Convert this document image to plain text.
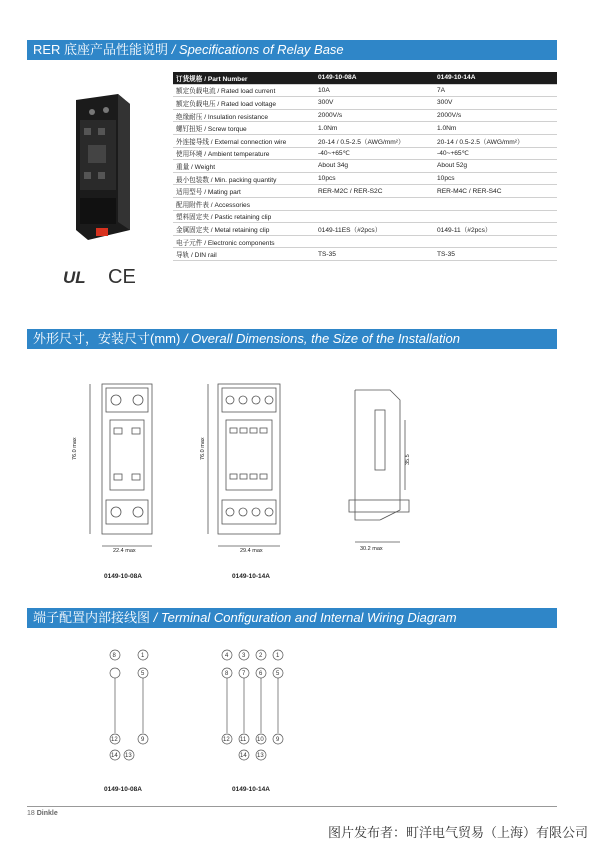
RER 底座产品性能说明 / Specifications of Relay Base
UL CE
订货规格 / Part Number	0149-10-08A	0149-10-14A
额定负载电流 / Rated load current	10A	7A
额定负载电压 / Rated load voltage	300V	300V
绝缘耐压 / Insulation resistance	2000V/s	2000V/s
螺钉扭矩 / Screw torque	1.0Nm	1.0Nm
外连接导线 / External connection wire	20-14 / 0.5-2.5（AWG/mm²）	20-14 / 0.5-2.5（AWG/mm²）
使用环境 / Ambient temperature	-40~+65℃	-40~+65℃
重量 / Weight	About 34g	About 52g
最小包装数 / Min. packing quantity	10pcs	10pcs
适用型号 / Mating part	RER-M2C / RER-S2C	RER-M4C / RER-S4C
配用附件表 / Accessories		
塑料固定夹 / Pastic retaining clip		
金属固定夹 / Metal retaining clip	0149-11ES（#2pcs）	0149-11（#2pcs）
电子元件 / Electronic components		
导轨 / DIN rail	TS-35	TS-35
外形尺寸，安装尺寸(mm) / Overall Dimensions, the Size of the Installation
76.0 max
22.4 max
0149-10-08A
76.0 max
29.4 max
0149-10-14A
35.5
30.2 max
端子配置内部接线图 / Terminal Configuration and Internal Wiring Diagram
8	1
5
12	9
14 13
0149-10-08A
4 3 2 1
8 7 6 5
12 11 10 9
14 13
0149-10-14A
18 Dinkle
图片发布者：町洋电气贸易（上海）有限公司
